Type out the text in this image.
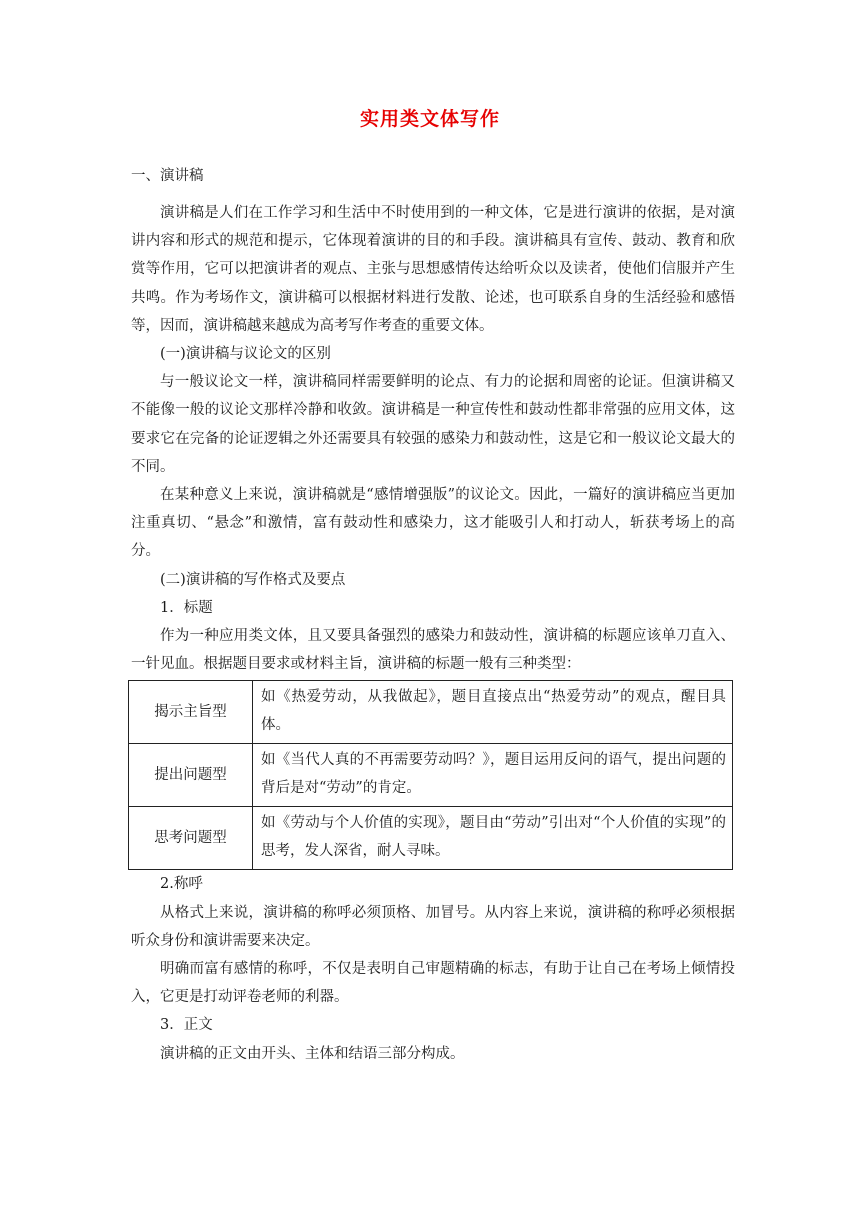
实用类文体写作
一、演讲稿

演讲稿是人们在工作学习和生活中不时使用到的一种文体，它是进行演讲的依据，是对演讲内容和形式的规范和提示，它体现着演讲的目的和手段。演讲稿具有宣传、鼓动、教育和欣赏等作用，它可以把演讲者的观点、主张与思想感情传达给听众以及读者，使他们信服并产生共鸣。作为考场作文，演讲稿可以根据材料进行发散、论述，也可联系自身的生活经验和感悟等，因而，演讲稿越来越成为高考写作考查的重要文体。

(一)演讲稿与议论文的区别

与一般议论文一样，演讲稿同样需要鲜明的论点、有力的论据和周密的论证。但演讲稿又不能像一般的议论文那样冷静和收敛。演讲稿是一种宣传性和鼓动性都非常强的应用文体，这要求它在完备的论证逻辑之外还需要具有较强的感染力和鼓动性，这是它和一般议论文最大的不同。

在某种意义上来说，演讲稿就是“感情增强版”的议论文。因此，一篇好的演讲稿应当更加注重真切、“悬念”和激情，富有鼓动性和感染力，这才能吸引人和打动人，斩获考场上的高分。

(二)演讲稿的写作格式及要点

1．标题

作为一种应用类文体，且又要具备强烈的感染力和鼓动性，演讲稿的标题应该单刀直入、一针见血。根据题目要求或材料主旨，演讲稿的标题一般有三种类型：

揭示主旨型	如《热爱劳动，从我做起》，题目直接点出“热爱劳动”的观点，醒目具体。
提出问题型	如《当代人真的不再需要劳动吗？》，题目运用反问的语气，提出问题的背后是对“劳动”的肯定。
思考问题型	如《劳动与个人价值的实现》，题目由“劳动”引出对“个人价值的实现”的思考，发人深省，耐人寻味。

2.称呼

从格式上来说，演讲稿的称呼必须顶格、加冒号。从内容上来说，演讲稿的称呼必须根据听众身份和演讲需要来决定。

明确而富有感情的称呼，不仅是表明自己审题精确的标志，有助于让自己在考场上倾情投入，它更是打动评卷老师的利器。

3．正文

演讲稿的正文由开头、主体和结语三部分构成。
